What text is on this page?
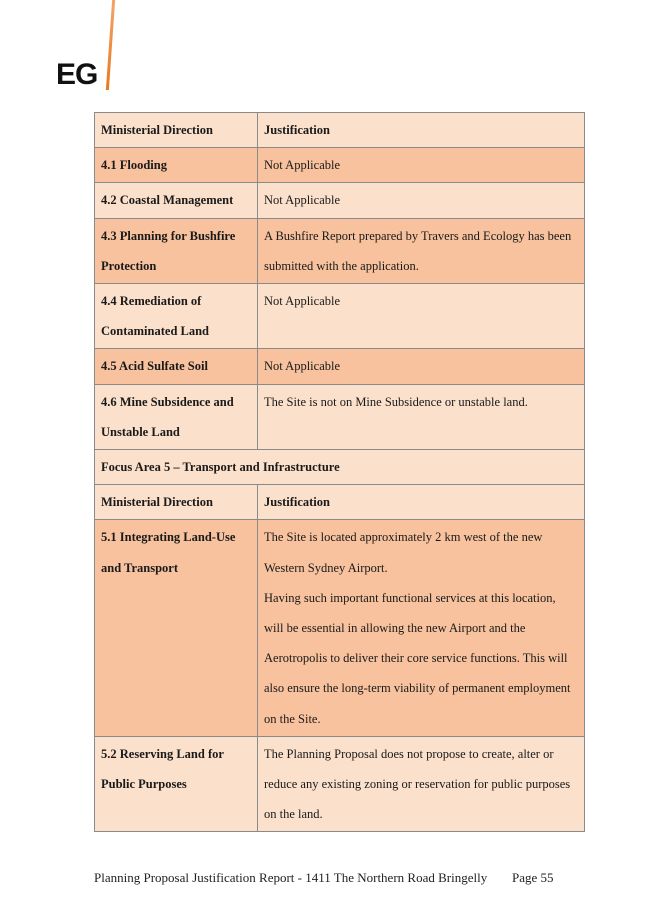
EG
Ministerial Direction	Justification
4.1 Flooding	Not Applicable
4.2 Coastal Management	Not Applicable
4.3 Planning for Bushfire Protection	A Bushfire Report prepared by Travers and Ecology has been submitted with the application.
4.4 Remediation of Contaminated Land	Not Applicable
4.5 Acid Sulfate Soil	Not Applicable
4.6 Mine Subsidence and Unstable Land	The Site is not on Mine Subsidence or unstable land.
Focus Area 5 – Transport and Infrastructure	
Ministerial Direction	Justification
5.1 Integrating Land-Use and Transport	The Site is located approximately 2 km west of the new Western Sydney Airport.
Having such important functional services at this location, will be essential in allowing the new Airport and the Aerotropolis to deliver their core service functions. This will also ensure the long-term viability of permanent employment on the Site.

5.2 Reserving Land for Public Purposes	The Planning Proposal does not propose to create, alter or reduce any existing zoning or reservation for public purposes on the land.
Planning Proposal Justification Report - 1411 The Northern Road Bringelly Page 55
